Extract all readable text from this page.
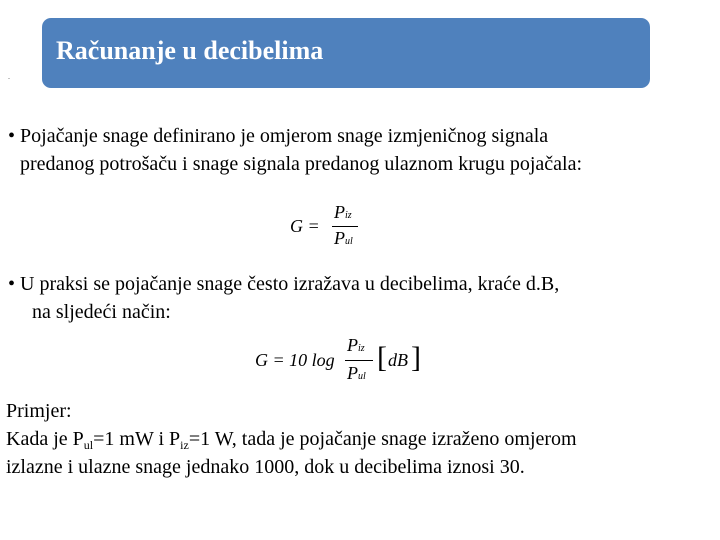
Računanje u decibelima
.
• Pojačanje snage definirano je omjerom snage izmjeničnog signala
predanog potrošaču i snage signala predanog ulaznom krugu pojačala:
G =
Piz
Pul
• U praksi se pojačanje snage često izražava u decibelima, kraće d.B,
na sljedeći način:
G = 10 log
Piz
Pul
[ dB ]
Primjer:
Kada je $P_{ul}=1$ mW i $P_{iz}=1$ W, tada je pojačanje snage izraženo omjerom
izlazne i ulazne snage jednako 1000, dok u decibelima iznosi 30.
